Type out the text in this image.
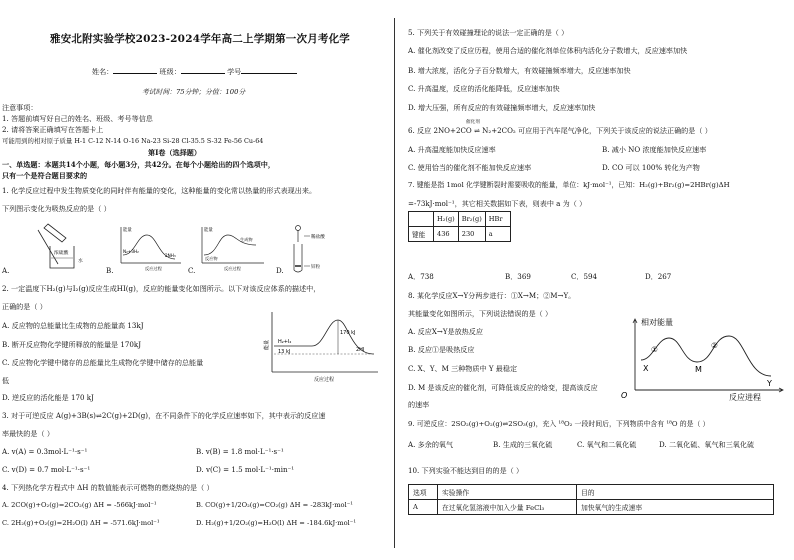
雅安北附实验学校2023-2024学年高二上学期第一次月考化学
姓名：	班级：	学号
考试时间：75分钟；分值：100分
注意事项：
1. 答题前填写好自己的姓名、班级、考号等信息
2. 请将答案正确填写在答题卡上
可能用到的相对原子质量 H-1 C-12 N-14 O-16 Na-23 Si-28 Cl-35.5 S-32 Fe-56 Cu-64
第Ⅰ卷（选择题）
一、单选题：本题共14个小题，每小题3分，共42分。在每个小题给出的四个选项中，
只有一个是符合题目要求的
1. 化学反应过程中发生物质变化的同时伴有能量的变化，这种能量的变化常以热量的形式表现出来。
下列图示变化为吸热反应的是（ ）
A.
浓硫酸
水
B.
能量
N₂+3H₂
2NH₃
反应过程	C.
能量
反应物
生成物
反应过程	D.
稀盐酸
锌粒
2. 一定温度下H₂(g)与I₂(g)反应生成HI(g)，反应的能量变化如图所示。以下对该反应体系的描述中，
正确的是（ ）
A. 反应物的总能量比生成物的总能量高 13kJ
B. 断开反应物化学键所释放的能量是 170kJ
C. 反应物化学键中储存的总能量比生成物化学键中储存的总能量
低
D. 逆反应的活化能是 170 kJ
能量 H₂+I₂
2HI
170 kJ
13 kJ
反应过程
3. 对于可逆反应 A(g)+3B(s)⇌2C(g)+2D(g)，在不同条件下的化学反应速率如下，其中表示的反应速
率最快的是（ ）
A. v(A) = 0.3mol·L⁻¹·s⁻¹	B. v(B) = 1.8 mol·L⁻¹·s⁻¹
C. v(D) = 0.7 mol·L⁻¹·s⁻¹	D. v(C) = 1.5 mol·L⁻¹·min⁻¹
4. 下列热化学方程式中 ΔH 的数值能表示可燃物的燃烧热的是（ ）
A. 2CO(g)+O₂(g)=2CO₂(g) ΔH = -566kJ·mol⁻¹	B. CO(g)+1/2O₂(g)=CO₂(g) ΔH = -283kJ·mol⁻¹
C. 2H₂(g)+O₂(g)=2H₂O(l) ΔH = -571.6kJ·mol⁻¹	D. H₂(g)+1/2O₂(g)=H₂O(l) ΔH = -184.6kJ·mol⁻¹
5. 下列关于有效碰撞理论的说法一定正确的是（ ）
A. 催化剂改变了反应历程，使用合适的催化剂单位体积内活化分子数增大，反应速率加快
B. 增大浓度，活化分子百分数增大，有效碰撞频率增大，反应速率加快
C. 升高温度，反应的活化能降低，反应速率加快
D. 增大压强，所有反应的有效碰撞频率增大，反应速率加快
催化剂
6. 反应 2NO+2CO ⇌ N₂+2CO₂ 可应用于汽车尾气净化，下列关于该反应的说法正确的是（ ）
A. 升高温度能加快反应速率	B. 减小 NO 浓度能加快反应速率
C. 使用恰当的催化剂不能加快反应速率	D. CO 可以 100% 转化为产物
7. 键能是指 1mol 化学键断裂时需要吸收的能量，单位：kJ·mol⁻¹，已知：H₂(g)+Br₂(g)=2HBr(g)ΔH
=-73kJ·mol⁻¹，其它相关数据如下表，则表中 a 为（ ）
	H₂(g)	Br₂(g)	HBr
键能	436	230	a
A．738	B．369	C．594	D．267
8. 某化学反应X→Y分两步进行：①X→M；②M→Y。
其能量变化如图所示，下列说法错误的是（ ）
A. 反应X→Y是放热反应
B. 反应①是吸热反应
C. X、Y、M 三种物质中 Y 最稳定
D. M 是该反应的催化剂，可降低该反应的焓变，提高该反应
的速率
相对能量
反应进程
O
①	②
X	M
Y
9. 可逆反应：2SO₂(g)+O₂(g)⇌2SO₃(g)，充入 ¹⁸O₂ 一段时间后，下列物质中含有 ¹⁸O 的是（ ）
A. 多余的氧气	B. 生成的三氧化硫	C. 氧气和二氧化硫	D. 二氧化硫、氧气和三氧化硫
10. 下列实验不能达到目的的是（ ）
选项	实验操作	目的
A	在过氧化氢溶液中加入少量 FeCl₃	加快氧气的生成速率
